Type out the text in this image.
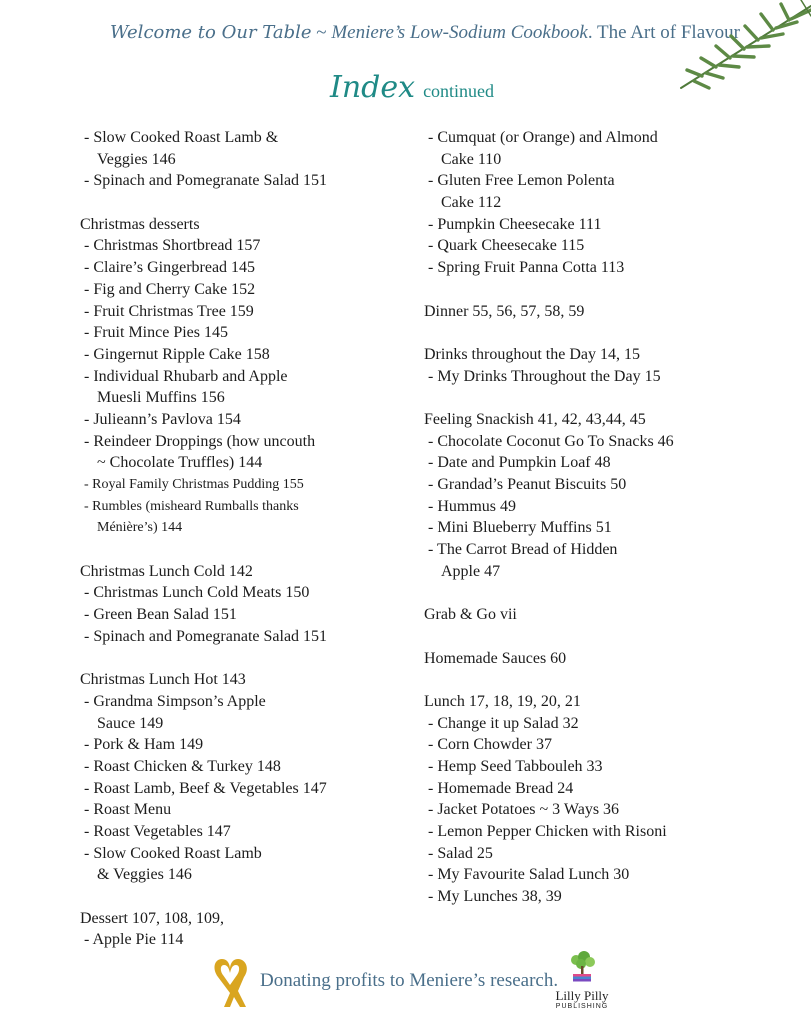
Welcome to Our Table ~ Meniere’s Low-Sodium Cookbook. The Art of Flavour
Index continued
- Slow Cooked Roast Lamb &
Veggies 146
- Spinach and Pomegranate Salad 151
Christmas desserts
- Christmas Shortbread 157
- Claire’s Gingerbread 145
- Fig and Cherry Cake 152
- Fruit Christmas Tree 159
- Fruit Mince Pies 145
- Gingernut Ripple Cake 158
- Individual Rhubarb and Apple
Muesli Muffins 156
- Julieann’s Pavlova 154
- Reindeer Droppings (how uncouth
~ Chocolate Truffles) 144
- Royal Family Christmas Pudding 155
- Rumbles (misheard Rumballs thanks
Ménière’s) 144
Christmas Lunch Cold 142
- Christmas Lunch Cold Meats 150
- Green Bean Salad 151
- Spinach and Pomegranate Salad 151
Christmas Lunch Hot 143
- Grandma Simpson’s Apple
Sauce 149
- Pork & Ham 149
- Roast Chicken & Turkey 148
- Roast Lamb, Beef & Vegetables 147
- Roast Menu
- Roast Vegetables 147
- Slow Cooked Roast Lamb
& Veggies 146
Dessert 107, 108, 109,
- Apple Pie 114
- Cumquat (or Orange) and Almond
Cake 110
- Gluten Free Lemon Polenta
Cake 112
- Pumpkin Cheesecake 111
- Quark Cheesecake 115
- Spring Fruit Panna Cotta 113
Dinner 55, 56, 57, 58, 59
Drinks throughout the Day 14, 15
- My Drinks Throughout the Day 15
Feeling Snackish 41, 42, 43,44, 45
- Chocolate Coconut Go To Snacks 46
- Date and Pumpkin Loaf 48
- Grandad’s Peanut Biscuits 50
- Hummus 49
- Mini Blueberry Muffins 51
- The Carrot Bread of Hidden
Apple 47
Grab & Go vii
Homemade Sauces 60
Lunch 17, 18, 19, 20, 21
- Change it up Salad 32
- Corn Chowder 37
- Hemp Seed Tabbouleh 33
- Homemade Bread 24
- Jacket Potatoes ~ 3 Ways 36
- Lemon Pepper Chicken with Risoni
- Salad 25
- My Favourite Salad Lunch 30
- My Lunches 38, 39
Donating profits to Meniere’s research.
Lilly Pilly
PUBLISHING
